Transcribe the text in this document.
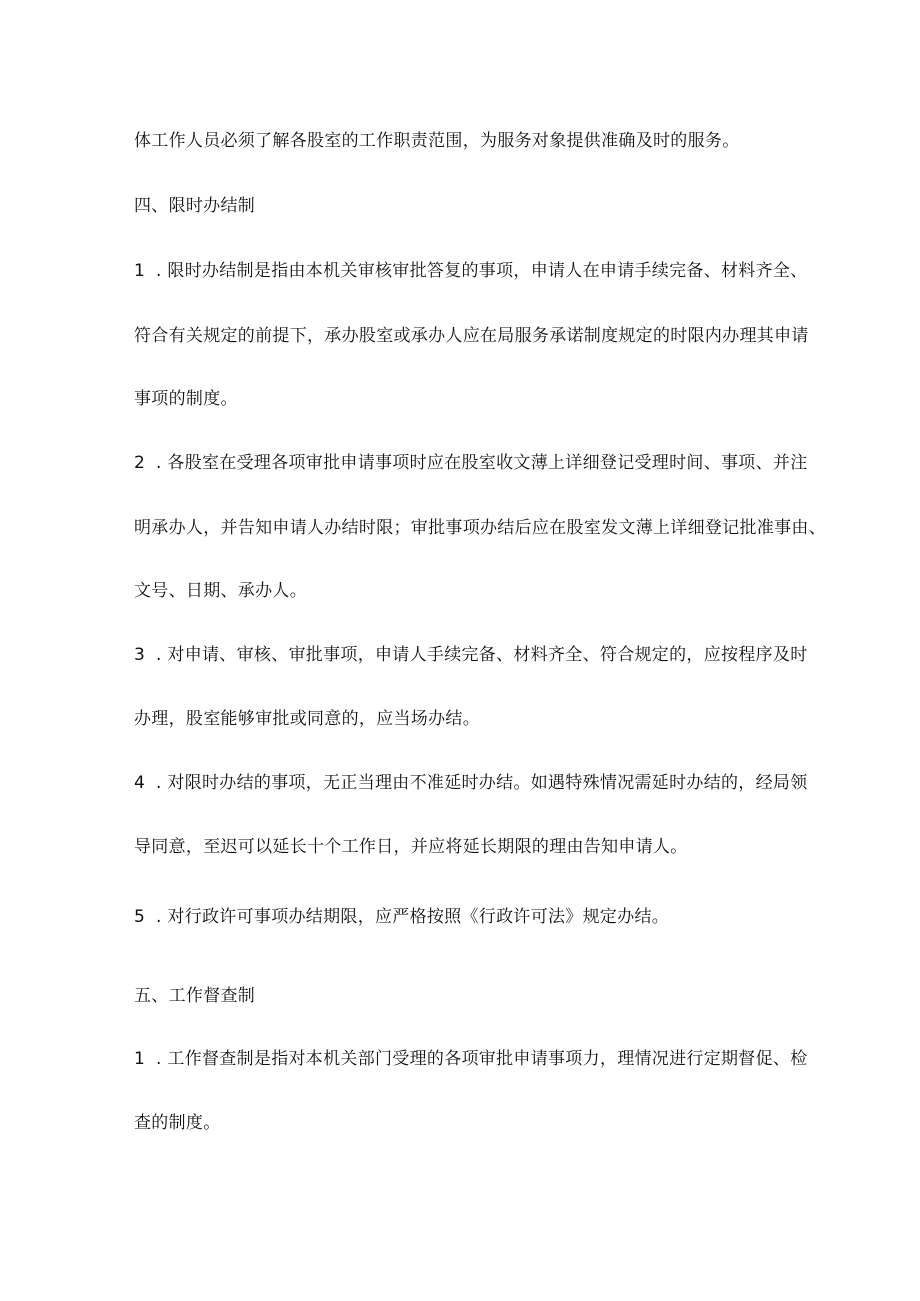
体工作人员必须了解各股室的工作职责范围，为服务对象提供准确及时的服务。
四、限时办结制
1 . 限时办结制是指由本机关审核审批答复的事项，申请人在申请手续完备、材料齐全、
符合有关规定的前提下，承办股室或承办人应在局服务承诺制度规定的时限内办理其申请
事项的制度。
2 . 各股室在受理各项审批申请事项时应在股室收文薄上详细登记受理时间、事项、并注
明承办人，并告知申请人办结时限；审批事项办结后应在股室发文薄上详细登记批准事由、
文号、日期、承办人。
3 . 对申请、审核、审批事项，申请人手续完备、材料齐全、符合规定的，应按程序及时
办理，股室能够审批或同意的，应当场办结。
4 . 对限时办结的事项，无正当理由不准延时办结。如遇特殊情况需延时办结的，经局领
导同意，至迟可以延长十个工作日，并应将延长期限的理由告知申请人。
5 . 对行政许可事项办结期限，应严格按照《行政许可法》规定办结。
五、工作督查制
1 . 工作督查制是指对本机关部门受理的各项审批申请事项力，理情况进行定期督促、检
查的制度。
